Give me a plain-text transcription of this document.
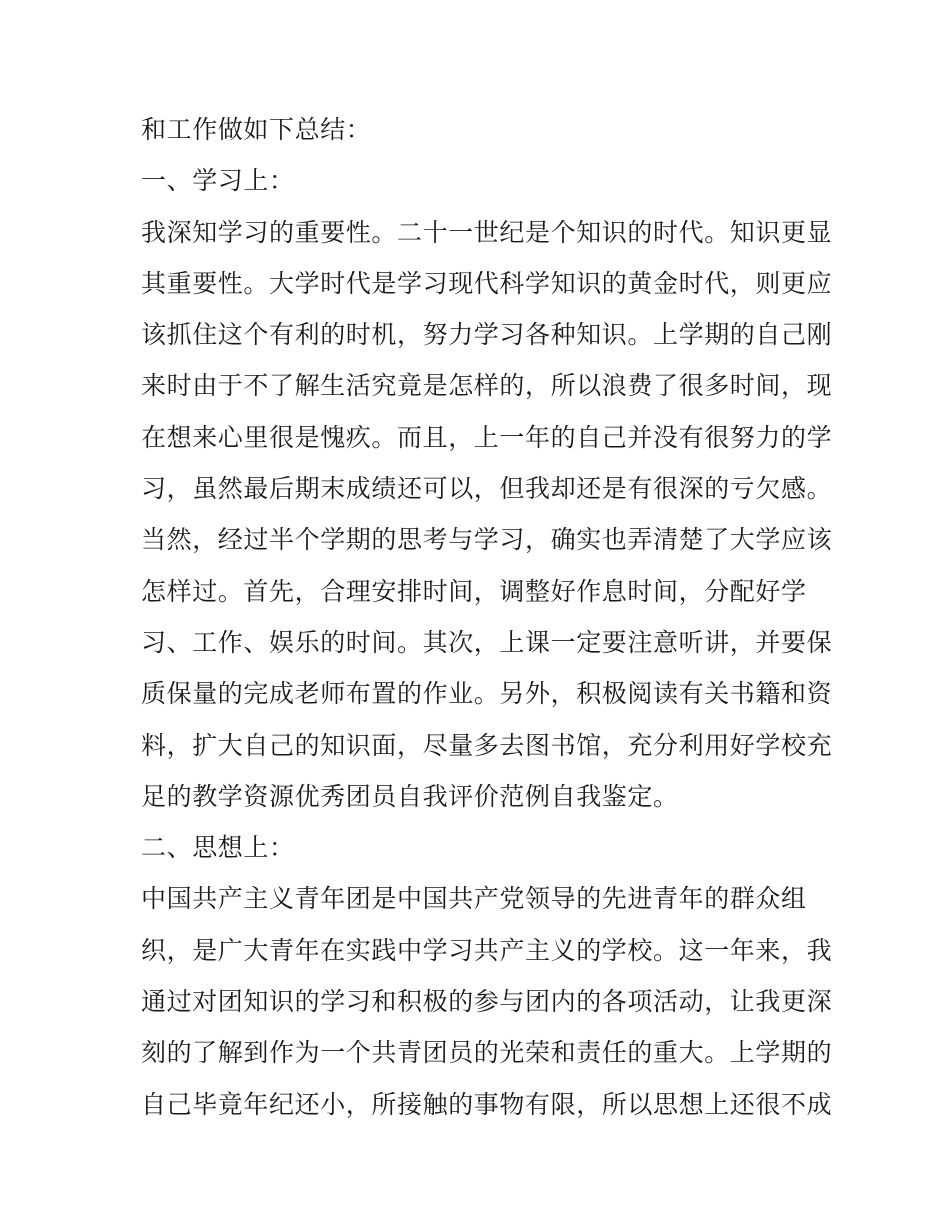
和工作做如下总结：
一、学习上：
我深知学习的重要性。二十一世纪是个知识的时代。知识更显
其重要性。大学时代是学习现代科学知识的黄金时代，则更应
该抓住这个有利的时机，努力学习各种知识。上学期的自己刚
来时由于不了解生活究竟是怎样的，所以浪费了很多时间，现
在想来心里很是愧疚。而且，上一年的自己并没有很努力的学
习，虽然最后期末成绩还可以，但我却还是有很深的亏欠感。
当然，经过半个学期的思考与学习，确实也弄清楚了大学应该
怎样过。首先，合理安排时间，调整好作息时间，分配好学
习、工作、娱乐的时间。其次，上课一定要注意听讲，并要保
质保量的完成老师布置的作业。另外，积极阅读有关书籍和资
料，扩大自己的知识面，尽量多去图书馆，充分利用好学校充
足的教学资源优秀团员自我评价范例自我鉴定。
二、思想上：
中国共产主义青年团是中国共产党领导的先进青年的群众组
织，是广大青年在实践中学习共产主义的学校。这一年来，我
通过对团知识的学习和积极的参与团内的各项活动，让我更深
刻的了解到作为一个共青团员的光荣和责任的重大。上学期的
自己毕竟年纪还小，所接触的事物有限，所以思想上还很不成
